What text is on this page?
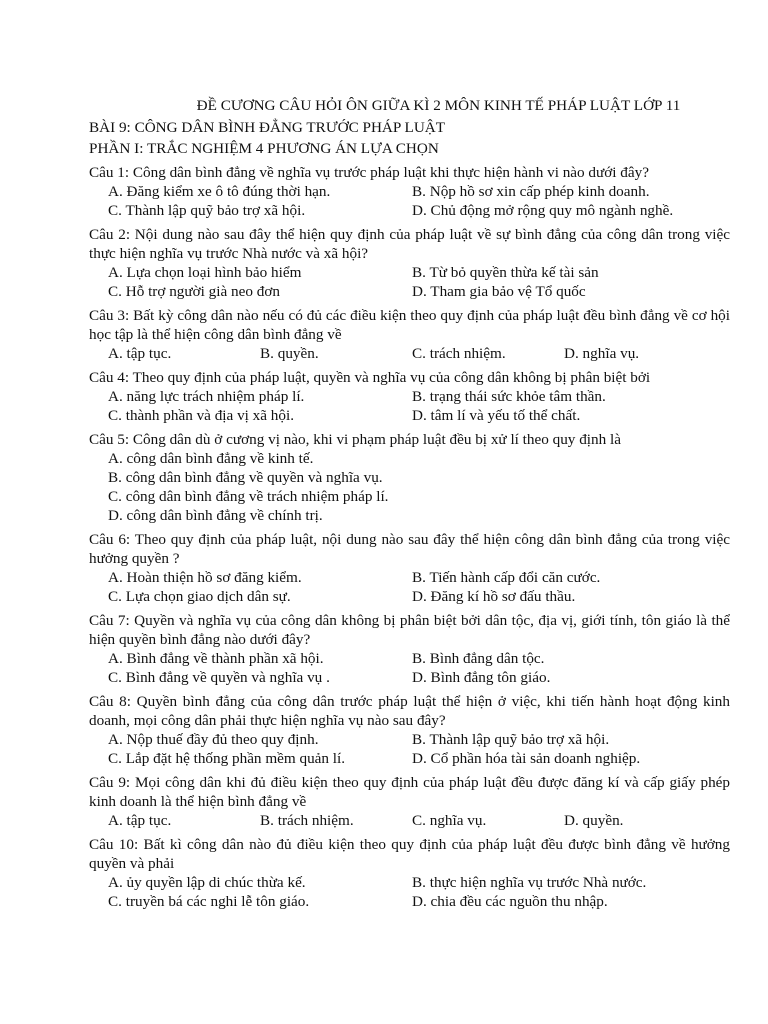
ĐỀ CƯƠNG CÂU HỎI ÔN GIỮA KÌ 2 MÔN KINH TẾ PHÁP LUẬT LỚP 11
BÀI 9: CÔNG DÂN BÌNH ĐẲNG TRƯỚC PHÁP LUẬT
PHẦN I: TRẮC NGHIỆM 4 PHƯƠNG ÁN LỰA CHỌN
Câu 1: Công dân bình đẳng về nghĩa vụ trước pháp luật khi thực hiện hành vi nào dưới đây?
A. Đăng kiểm xe ô tô đúng thời hạn.	B. Nộp hồ sơ xin cấp phép kinh doanh.
C. Thành lập quỹ bảo trợ xã hội.	D. Chủ động mở rộng quy mô ngành nghề.
Câu 2: Nội dung nào sau đây thể hiện quy định của pháp luật về sự bình đẳng của công dân trong việc thực hiện nghĩa vụ trước Nhà nước và xã hội?
A. Lựa chọn loại hình bảo hiểm	B. Từ bỏ quyền thừa kế tài sản
C. Hỗ trợ người già neo đơn	D. Tham gia bảo vệ Tổ quốc
Câu 3: Bất kỳ công dân nào nếu có đủ các điều kiện theo quy định của pháp luật đều bình đẳng về cơ hội học tập là thể hiện công dân bình đẳng về
A. tập tục.	B. quyền.	C. trách nhiệm.	D. nghĩa vụ.
Câu 4: Theo quy định của pháp luật, quyền và nghĩa vụ của công dân không bị phân biệt bởi
A. năng lực trách nhiệm pháp lí.	B. trạng thái sức khỏe tâm thần.
C. thành phần và địa vị xã hội.	D. tâm lí và yếu tố thể chất.
Câu 5: Công dân dù ở cương vị nào, khi vi phạm pháp luật đều bị xử lí theo quy định là
A. công dân bình đẳng về kinh tế.
B. công dân bình đẳng về quyền và nghĩa vụ.
C. công dân bình đẳng về trách nhiệm pháp lí.
D. công dân bình đẳng về chính trị.
Câu 6: Theo quy định của pháp luật, nội dung nào sau đây thể hiện công dân bình đẳng của trong việc hưởng quyền ?
A. Hoàn thiện hồ sơ đăng kiểm.	B. Tiến hành cấp đổi căn cước.
C. Lựa chọn giao dịch dân sự.	D. Đăng kí hồ sơ đấu thầu.
Câu 7: Quyền và nghĩa vụ của công dân không bị phân biệt bởi dân tộc, địa vị, giới tính, tôn giáo là thể hiện quyền bình đẳng nào dưới đây?
A. Bình đẳng về thành phần xã hội.	B. Bình đẳng dân tộc.
C. Bình đẳng về quyền và nghĩa vụ .	D. Bình đẳng tôn giáo.
Câu 8: Quyền bình đẳng của công dân trước pháp luật thể hiện ở việc, khi tiến hành hoạt động kinh doanh, mọi công dân phải thực hiện nghĩa vụ nào sau đây?
A. Nộp thuế đầy đủ theo quy định.	B. Thành lập quỹ bảo trợ xã hội.
C. Lắp đặt hệ thống phần mềm quản lí.	D. Cổ phần hóa tài sản doanh nghiệp.
Câu 9: Mọi công dân khi đủ điều kiện theo quy định của pháp luật đều được đăng kí và cấp giấy phép kinh doanh là thể hiện bình đẳng về
A. tập tục.	B. trách nhiệm.	C. nghĩa vụ.	D. quyền.
Câu 10: Bất kì công dân nào đủ điều kiện theo quy định của pháp luật đều được bình đẳng về hưởng quyền và phải
A. ủy quyền lập di chúc thừa kế.	B. thực hiện nghĩa vụ trước Nhà nước.
C. truyền bá các nghi lễ tôn giáo.	D. chia đều các nguồn thu nhập.
